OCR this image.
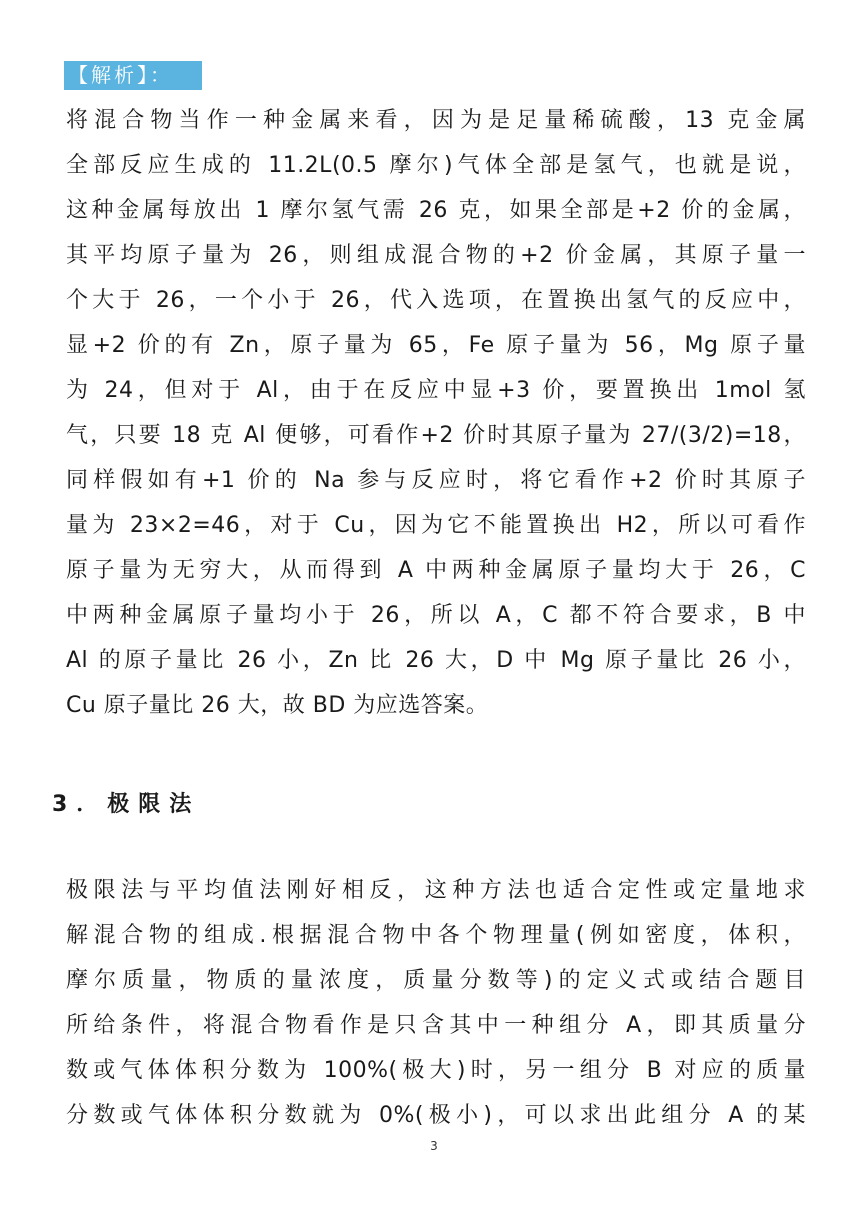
【解析】：
将混合物当作一种金属来看，因为是足量稀硫酸，13 克金属
全部反应生成的 11.2L(0.5 摩尔)气体全部是氢气，也就是说，
这种金属每放出 1 摩尔氢气需 26 克，如果全部是+2 价的金属，
其平均原子量为 26，则组成混合物的+2 价金属，其原子量一
个大于 26，一个小于 26，代入选项，在置换出氢气的反应中，
显+2 价的有 Zn，原子量为 65，Fe 原子量为 56，Mg 原子量
为 24，但对于 Al，由于在反应中显+3 价，要置换出 1mol 氢
气，只要 18 克 Al 便够，可看作+2 价时其原子量为 27/(3/2)=18，
同样假如有+1 价的 Na 参与反应时，将它看作+2 价时其原子
量为 23×2=46，对于 Cu，因为它不能置换出 H2，所以可看作
原子量为无穷大，从而得到 A 中两种金属原子量均大于 26，C
中两种金属原子量均小于 26，所以 A，C 都不符合要求，B 中
Al 的原子量比 26 小，Zn 比 26 大，D 中 Mg 原子量比 26 小，
Cu 原子量比 26 大，故 BD 为应选答案。
3．极限法
极限法与平均值法刚好相反，这种方法也适合定性或定量地求
解混合物的组成.根据混合物中各个物理量(例如密度，体积，
摩尔质量，物质的量浓度，质量分数等)的定义式或结合题目
所给条件，将混合物看作是只含其中一种组分 A，即其质量分
数或气体体积分数为 100%(极大)时，另一组分 B 对应的质量
分数或气体体积分数就为 0%(极小)，可以求出此组分 A 的某
3
